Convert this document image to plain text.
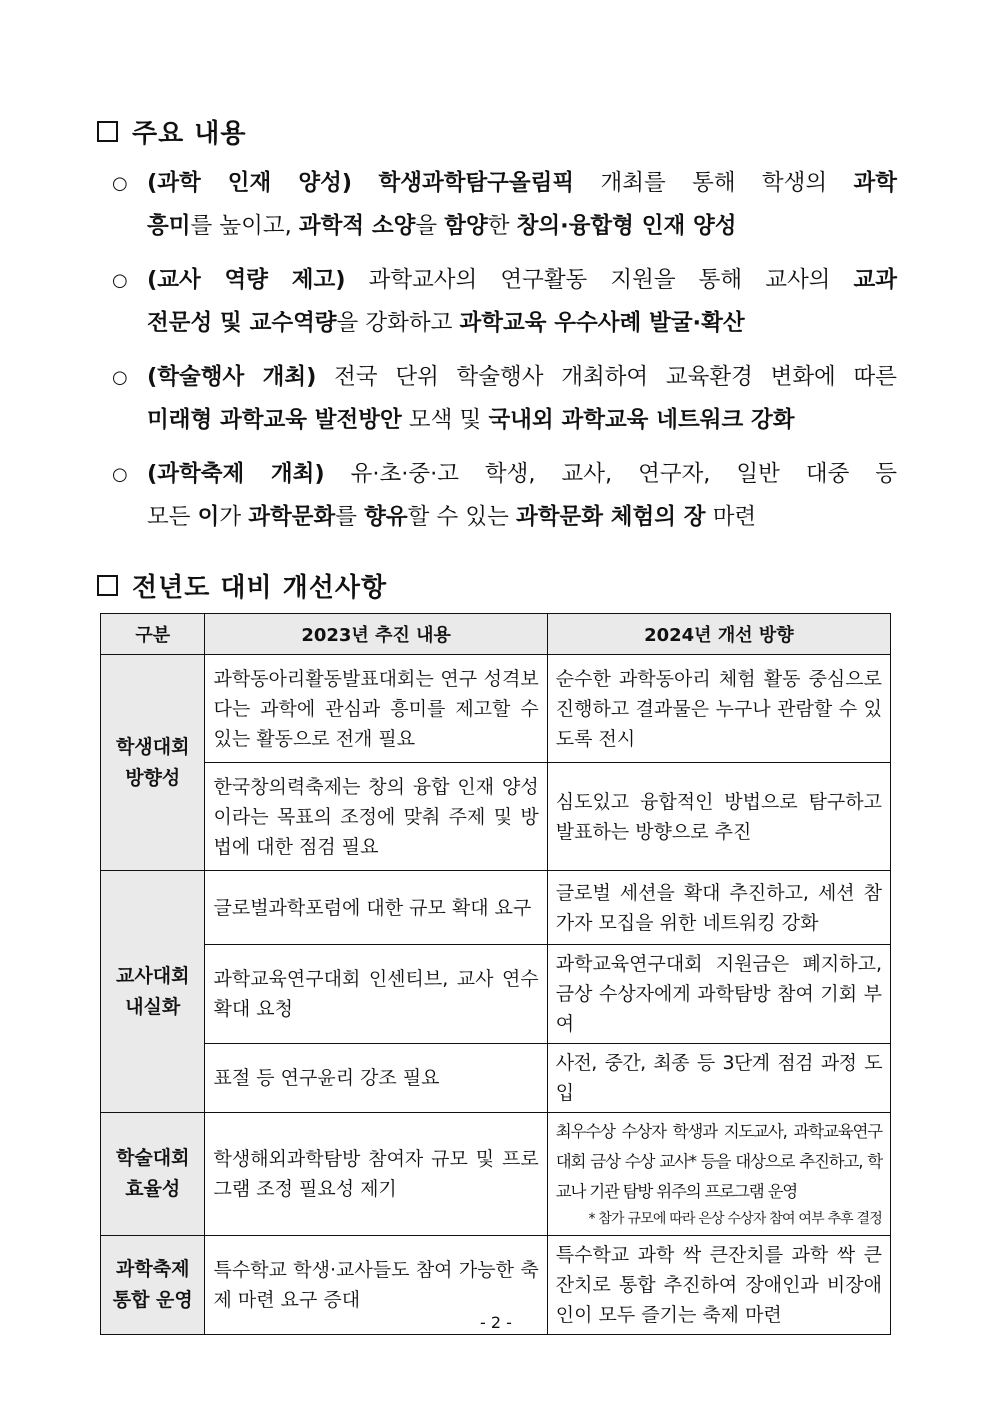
주요 내용
○ (과학 인재 양성) 학생과학탐구올림픽 개최를 통해 학생의 과학
흥미를 높이고, 과학적 소양을 함양한 창의·융합형 인재 양성
○ (교사 역량 제고) 과학교사의 연구활동 지원을 통해 교사의 교과
전문성 및 교수역량을 강화하고 과학교육 우수사례 발굴·확산
○ (학술행사 개최) 전국 단위 학술행사 개최하여 교육환경 변화에 따른
미래형 과학교육 발전방안 모색 및 국내외 과학교육 네트워크 강화
○ (과학축제 개최) 유·초·중·고 학생, 교사, 연구자, 일반 대중 등
모든 이가 과학문화를 향유할 수 있는 과학문화 체험의 장 마련
전년도 대비 개선사항
구분	2023년 추진 내용	2024년 개선 방향
학생대회
방향성	과학동아리활동발표대회는 연구 성격보다는 과학에 관심과 흥미를 제고할 수 있는 활동으로 전개 필요	순수한 과학동아리 체험 활동 중심으로 진행하고 결과물은 누구나 관람할 수 있도록 전시
	한국창의력축제는 창의 융합 인재 양성이라는 목표의 조정에 맞춰 주제 및 방법에 대한 점검 필요	심도있고 융합적인 방법으로 탐구하고 발표하는 방향으로 추진
교사대회
내실화	글로벌과학포럼에 대한 규모 확대 요구	글로벌 세션을 확대 추진하고, 세션 참가자 모집을 위한 네트워킹 강화
	과학교육연구대회 인센티브, 교사 연수 확대 요청	과학교육연구대회 지원금은 폐지하고, 금상 수상자에게 과학탐방 참여 기회 부여
	표절 등 연구윤리 강조 필요	사전, 중간, 최종 등 3단계 점검 과정 도입
학술대회
효율성	학생해외과학탐방 참여자 규모 및 프로그램 조정 필요성 제기	최우수상 수상자 학생과 지도교사, 과학교육연구대회 금상 수상 교사* 등을 대상으로 추진하고, 학교나 기관 탐방 위주의 프로그램 운영
* 참가 규모에 따라 은상 수상자 참여 여부 추후 결정

과학축제
통합 운영	특수학교 학생·교사들도 참여 가능한 축제 마련 요구 증대	특수학교 과학 싹 큰잔치를 과학 싹 큰잔치로 통합 추진하여 장애인과 비장애인이 모두 즐기는 축제 마련
- 2 -
